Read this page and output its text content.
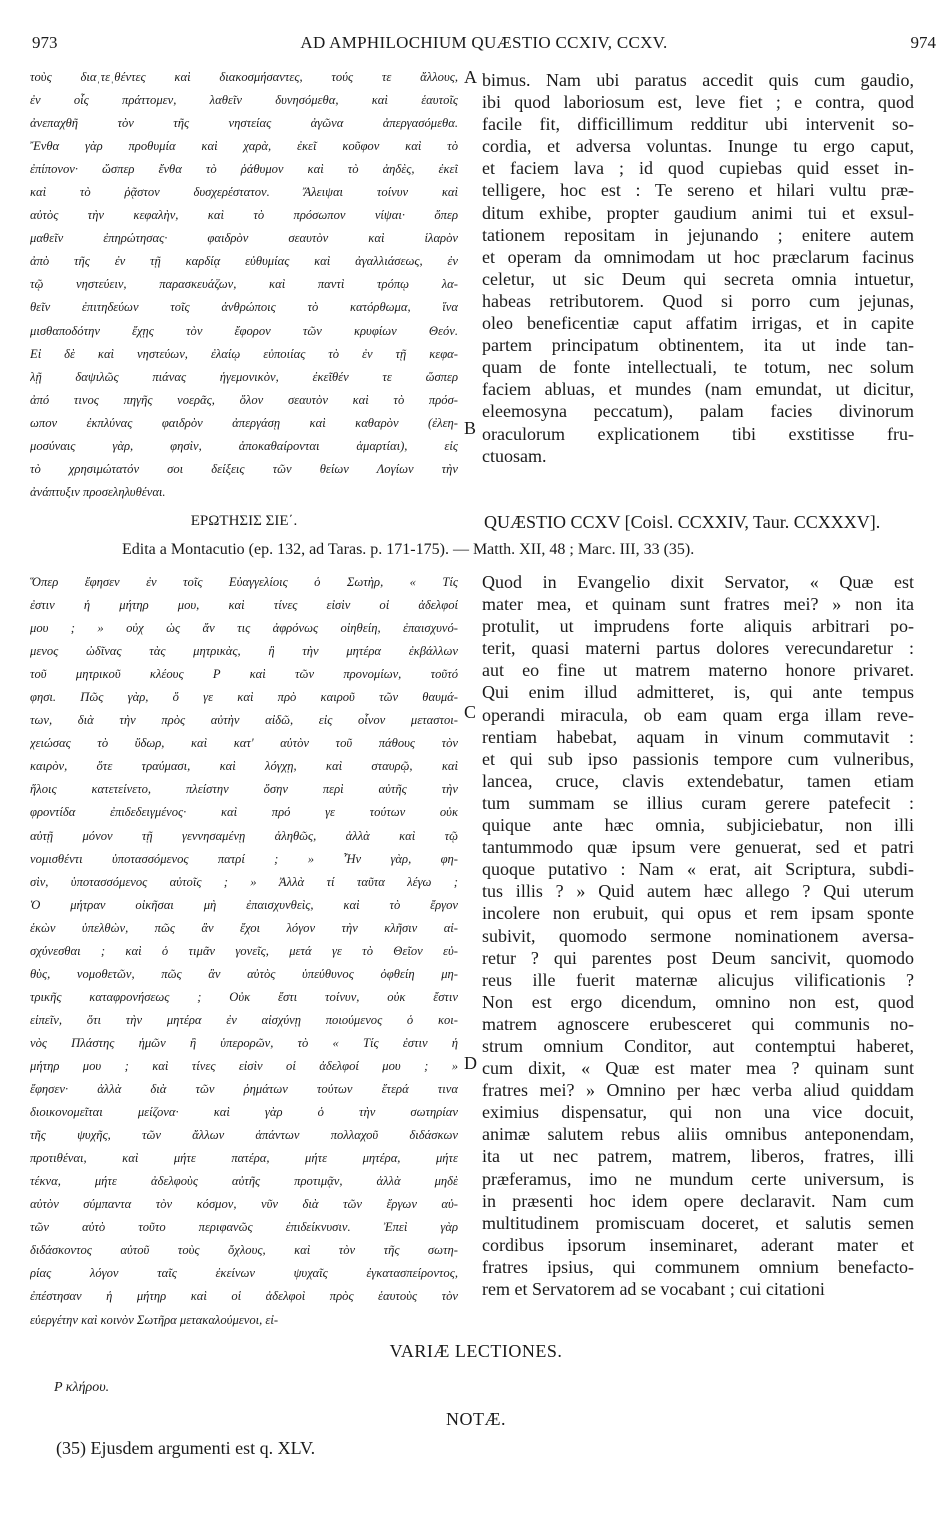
973	AD AMPHILOCHIUM QUÆSTIO CCXIV, CCXV.	974
τοὺς διαˌτεˌθέντες καὶ διακοσμήσαντες, τούς τε ἄλλους,
ἐν οἷς πράττομεν, λαθεῖν δυνησόμεθα, καὶ ἑαυτοῖς
ἀνεπαχθῆ τὸν τῆς νηστείας ἀγῶνα ἀπεργασόμεθα.
Ἔνθα γὰρ προθυμία καὶ χαρὰ, ἐκεῖ κοῦφον καὶ τὸ
ἐπίπονον· ὥσπερ ἔνθα τὸ ῥάθυμον καὶ τὸ ἀηδὲς, ἐκεῖ
καὶ τὸ ῥᾷστον δυσχερέστατον. Ἄλειψαι τοίνυν καὶ
αὐτὸς τὴν κεφαλὴν, καὶ τὸ πρόσωπον νίψαι· ὅπερ
μαθεῖν ἐπηρώτησας· φαιδρὸν σεαυτὸν καὶ ἱλαρὸν
ἀπὸ τῆς ἐν τῇ καρδίᾳ εὐθυμίας καὶ ἀγαλλιάσεως, ἐν
τῷ νηστεύειν, παρασκευάζων, καὶ παντὶ τρόπῳ λα-
θεῖν ἐπιτηδεύων τοῖς ἀνθρώποις τὸ κατόρθωμα, ἵνα
μισθαποδότην ἔχῃς τὸν ἔφορον τῶν κρυφίων Θεόν.
Εἰ δὲ καὶ νηστεύων, ἐλαίῳ εὐποιίας τὸ ἐν τῇ κεφα-
λῇ δαψιλῶς πιάνας ἡγεμονικὸν, ἐκεῖθέν τε ὥσπερ
ἀπό τινος πηγῆς νοερᾶς, ὅλον σεαυτὸν καὶ τὸ πρόσ-
ωπον ἐκπλύνας φαιδρὸν ἀπεργάσῃ καὶ καθαρὸν (ἐλεη-
μοσύναις γὰρ, φησὶν, ἀποκαθαίρονται ἁμαρτίαι), εἰς
τὸ χρησιμώτατόν σοι δείξεις τῶν θείων Λογίων τὴν
ἀνάπτυξιν προσεληλυθέναι.
bimus. Nam ubi paratus accedit quis cum gaudio,
ibi quod laboriosum est, leve fiet ; e contra, quod
facile fit, difficillimum redditur ubi intervenit so-
cordia, et adversa voluntas. Inunge tu ergo caput,
et faciem lava ; id quod cupiebas quid esset in-
telligere, hoc est : Te sereno et hilari vultu præ-
ditum exhibe, propter gaudium animi tui et exsul-
tationem repositam in jejunando ; enitere autem
et operam da omnimodam ut hoc præclarum facinus
celetur, ut sic Deum qui secreta omnia intuetur,
habeas retributorem. Quod si porro cum jejunas,
oleo beneficentiæ caput affatim irrigas, et in capite
partem principatum obtinentem, ita ut inde tan-
quam de fonte intellectuali, te totum, nec solum
faciem abluas, et mundes (nam emundat, ut dicitur,
eleemosyna peccatum), palam facies divinorum
oraculorum explicationem tibi exstitisse fru-
ctuosam.
A
B
C
D
ΕΡΩΤΗΣΙΣ ΣΙΕ΄.	QUÆSTIO CCXV [Coisl. CCXXIV, Taur. CCXXXV].
Edita a Montacutio (ep. 132, ad Taras. p. 171-175). — Matth. XII, 48 ; Marc. III, 33 (35).
Ὅπερ ἔφησεν ἐν τοῖς Εὐαγγελίοις ὁ Σωτὴρ, « Τίς
ἐστιν ἡ μήτηρ μου, καὶ τίνες εἰσὶν οἱ ἀδελφοί
μου ; » οὐχ ὡς ἄν τις ἀφρόνως οἰηθείη, ἐπαισχυνό-
μενος ὠδῖνας τὰς μητρικὰς, ἢ τὴν μητέρα ἐκβάλλων
τοῦ μητρικοῦ κλέους P καὶ τῶν προνομίων, τοῦτό
φησι. Πῶς γὰρ, ὅ γε καὶ πρὸ καιροῦ τῶν θαυμά-
των, διὰ τὴν πρὸς αὐτὴν αἰδῶ, εἰς οἶνον μεταστοι-
χειώσας τὸ ὕδωρ, καὶ κατ' αὐτὸν τοῦ πάθους τὸν
καιρὸν, ὅτε τραύμασι, καὶ λόγχῃ, καὶ σταυρῷ, καὶ
ἥλοις κατετείνετο, πλείστην ὅσην περὶ αὐτῆς τὴν
φροντίδα ἐπιδεδειγμένος· καὶ πρό γε τούτων οὐκ
αὐτῇ μόνον τῇ γεννησαμένῃ ἀληθῶς, ἀλλὰ καὶ τῷ
νομισθέντι ὑποτασσόμενος πατρί ; » Ἦν γὰρ, φη-
σὶν, ὑποτασσόμενος αὐτοῖς ; » Ἀλλὰ τί ταῦτα λέγω ;
Ὁ μήτραν οἰκῆσαι μὴ ἐπαισχυνθεὶς, καὶ τὸ ἔργον
ἑκὼν ὑπελθὼν, πῶς ἂν ἔχοι λόγον τὴν κλῆσιν αἰ-
σχύνεσθαι ; καὶ ὁ τιμᾶν γονεῖς, μετά γε τὸ Θεῖον εὐ-
θὺς, νομοθετῶν, πῶς ἂν αὐτὸς ὑπεύθυνος ὀφθείη μη-
τρικῆς καταφρονήσεως ; Οὐκ ἔστι τοίνυν, οὐκ ἔστιν
εἰπεῖν, ὅτι τὴν μητέρα ἐν αἰσχύνῃ ποιούμενος ὁ κοι-
νὸς Πλάστης ἡμῶν ἢ ὑπερορῶν, τὸ « Τίς ἐστιν ἡ
μήτηρ μου ; καὶ τίνες εἰσὶν οἱ ἀδελφοί μου ; »
ἔφησεν· ἀλλὰ διὰ τῶν ῥημάτων τούτων ἕτερά τινα
διοικονομεῖται μείζονα· καὶ γὰρ ὁ τὴν σωτηρίαν
τῆς ψυχῆς, τῶν ἄλλων ἁπάντων πολλαχοῦ διδάσκων
προτιθέναι, καὶ μήτε πατέρα, μήτε μητέρα, μήτε
τέκνα, μήτε ἀδελφοὺς αὐτῆς προτιμᾷν, ἀλλὰ μηδὲ
αὐτὸν σύμπαντα τὸν κόσμον, νῦν διὰ τῶν ἔργων αὐ-
τῶν αὐτὸ τοῦτο περιφανῶς ἐπιδείκνυσιν. Ἐπεὶ γὰρ
διδάσκοντος αὐτοῦ τοὺς ὄχλους, καὶ τὸν τῆς σωτη-
ρίας λόγον ταῖς ἐκείνων ψυχαῖς ἐγκατασπείροντος,
ἐπέστησαν ἡ μήτηρ καὶ οἱ ἀδελφοὶ πρὸς ἑαυτοὺς τὸν
εὐεργέτην καὶ κοινὸν Σωτῆρα μετακαλούμενοι, εἰ-
Quod in Evangelio dixit Servator, « Quæ est
mater mea, et quinam sunt fratres mei? » non ita
protulit, ut imprudens forte aliquis arbitrari po-
terit, quasi materni partus dolores verecundaretur :
aut eo fine ut matrem materno honore privaret.
Qui enim illud admitteret, is, qui ante tempus
operandi miracula, ob eam quam erga illam reve-
rentiam habebat, aquam in vinum commutavit :
et qui sub ipso passionis tempore cum vulneribus,
lancea, cruce, clavis extendebatur, tamen etiam
tum summam se illius curam gerere patefecit :
quique ante hæc omnia, subjiciebatur, non illi
tantummodo quæ ipsum vere genuerat, sed et patri
quoque putativo : Nam « erat, ait Scriptura, subdi-
tus illis ? » Quid autem hæc allego ? Qui uterum
incolere non erubuit, qui opus et rem ipsam sponte
subivit, quomodo sermone nominationem aversa-
retur ? qui parentes post Deum sancivit, quomodo
reus ille fuerit maternæ alicujus vilificationis ?
Non est ergo dicendum, omnino non est, quod
matrem agnoscere erubesceret qui communis no-
strum omnium Conditor, aut contemptui haberet,
cum dixit, « Quæ est mater mea ? quinam sunt
fratres mei? » Omnino per hæc verba aliud quiddam
eximius dispensatur, qui non una vice docuit,
animæ salutem rebus aliis omnibus anteponendam,
ita ut nec patrem, matrem, liberos, fratres, illi
præferamus, imo ne mundum certe universum, is
in præsenti hoc idem opere declaravit. Nam cum
multitudinem promiscuam doceret, et salutis semen
cordibus ipsorum inseminaret, aderant mater et
fratres ipsius, qui communem omnium benefacto-
rem et Servatorem ad se vocabant ; cui citationi
VARIÆ LECTIONES.
P κλήρου.
NOTÆ.
(35) Ejusdem argumenti est q. XLV.
